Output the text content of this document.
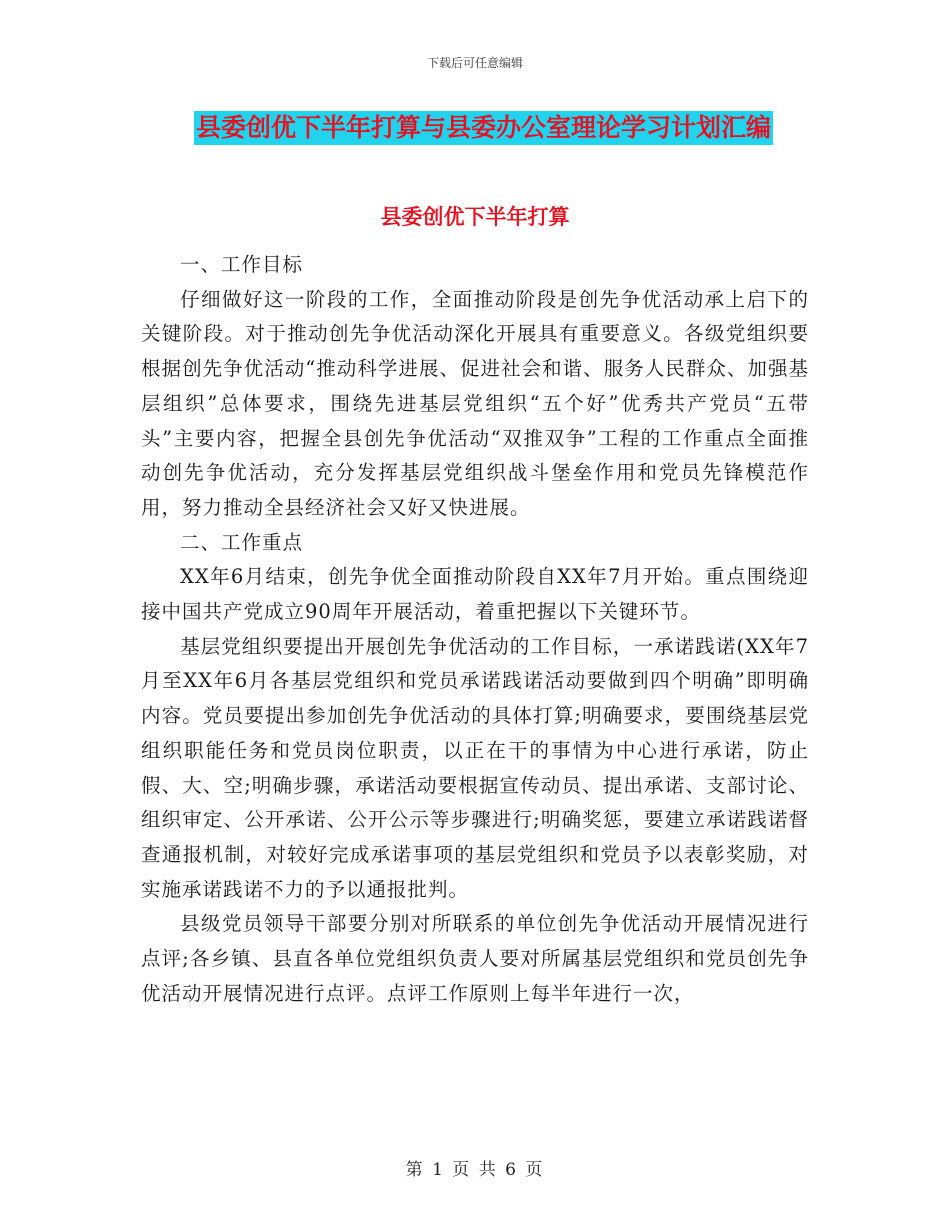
下载后可任意编辑
县委创优下半年打算与县委办公室理论学习计划汇编
县委创优下半年打算

一、工作目标

仔细做好这一阶段的工作，全面推动阶段是创先争优活动承上启下的关键阶段。对于推动创先争优活动深化开展具有重要意义。各级党组织要根据创先争优活动“推动科学进展、促进社会和谐、服务人民群众、加强基层组织”总体要求，围绕先进基层党组织“五个好”优秀共产党员“五带头”主要内容，把握全县创先争优活动“双推双争”工程的工作重点全面推动创先争优活动，充分发挥基层党组织战斗堡垒作用和党员先锋模范作用，努力推动全县经济社会又好又快进展。

二、工作重点

XX年6月结束，创先争优全面推动阶段自XX年7月开始。重点围绕迎接中国共产党成立90周年开展活动，着重把握以下关键环节。

基层党组织要提出开展创先争优活动的工作目标，一承诺践诺(XX年7月至XX年6月各基层党组织和党员承诺践诺活动要做到四个明确”即明确内容。党员要提出参加创先争优活动的具体打算;明确要求，要围绕基层党组织职能任务和党员岗位职责，以正在干的事情为中心进行承诺，防止假、大、空;明确步骤，承诺活动要根据宣传动员、提出承诺、支部讨论、组织审定、公开承诺、公开公示等步骤进行;明确奖惩，要建立承诺践诺督查通报机制，对较好完成承诺事项的基层党组织和党员予以表彰奖励，对实施承诺践诺不力的予以通报批判。

县级党员领导干部要分别对所联系的单位创先争优活动开展情况进行点评;各乡镇、县直各单位党组织负责人要对所属基层党组织和党员创先争优活动开展情况进行点评。点评工作原则上每半年进行一次，

第 1 页 共 6 页
